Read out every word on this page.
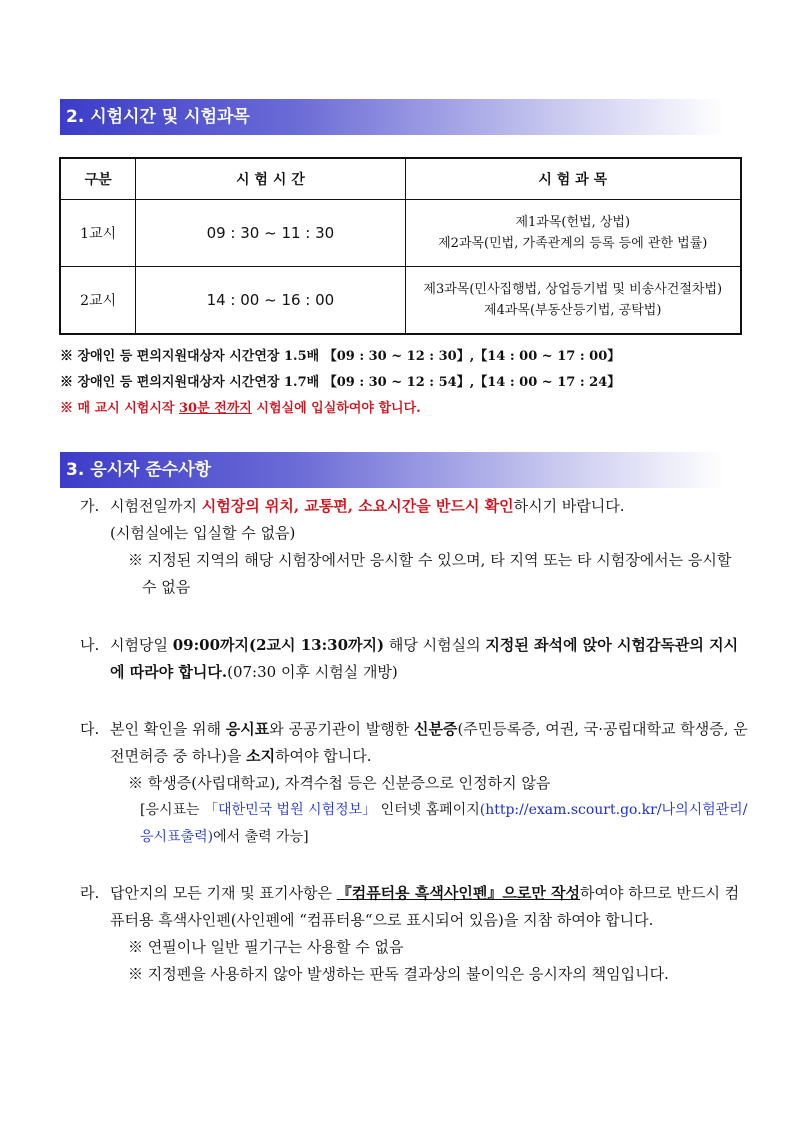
2. 시험시간 및 시험과목
구분	시 험 시 간	시 험 과 목
1교시	09 : 30 ~ 11 : 30	제1과목(헌법, 상법)
제2과목(민법, 가족관계의 등록 등에 관한 법률)

2교시	14 : 00 ~ 16 : 00	제3과목(민사집행법, 상업등기법 및 비송사건절차법)
제4과목(부동산등기법, 공탁법)
※ 장애인 등 편의지원대상자 시간연장 1.5배 【09 : 30 ~ 12 : 30】,【14 : 00 ~ 17 : 00】
※ 장애인 등 편의지원대상자 시간연장 1.7배 【09 : 30 ~ 12 : 54】,【14 : 00 ~ 17 : 24】
※ 매 교시 시험시작 30분 전까지 시험실에 입실하여야 합니다.
3. 응시자 준수사항
가. 시험전일까지 시험장의 위치, 교통편, 소요시간을 반드시 확인하시기 바랍니다.
(시험실에는 입실할 수 없음)
※ 지정된 지역의 해당 시험장에서만 응시할 수 있으며, 타 지역 또는 타 시험장에서는 응시할 수 없음
나. 시험당일 09:00까지(2교시 13:30까지) 해당 시험실의 지정된 좌석에 앉아 시험감독관의 지시에 따라야 합니다.(07:30 이후 시험실 개방)
다. 본인 확인을 위해 응시표와 공공기관이 발행한 신분증(주민등록증, 여권, 국·공립대학교 학생증, 운전면허증 중 하나)을 소지하여야 합니다.
※ 학생증(사립대학교), 자격수첩 등은 신분증으로 인정하지 않음
[응시표는 「대한민국 법원 시험정보」 인터넷 홈페이지(http://exam.scourt.go.kr/나의시험관리/응시표출력)에서 출력 가능]
라. 답안지의 모든 기재 및 표기사항은 『컴퓨터용 흑색사인펜』으로만 작성하여야 하므로 반드시 컴퓨터용 흑색사인펜(사인펜에 “컴퓨터용“으로 표시되어 있음)을 지참 하여야 합니다.
※ 연필이나 일반 필기구는 사용할 수 없음
※ 지정펜을 사용하지 않아 발생하는 판독 결과상의 불이익은 응시자의 책임입니다.
